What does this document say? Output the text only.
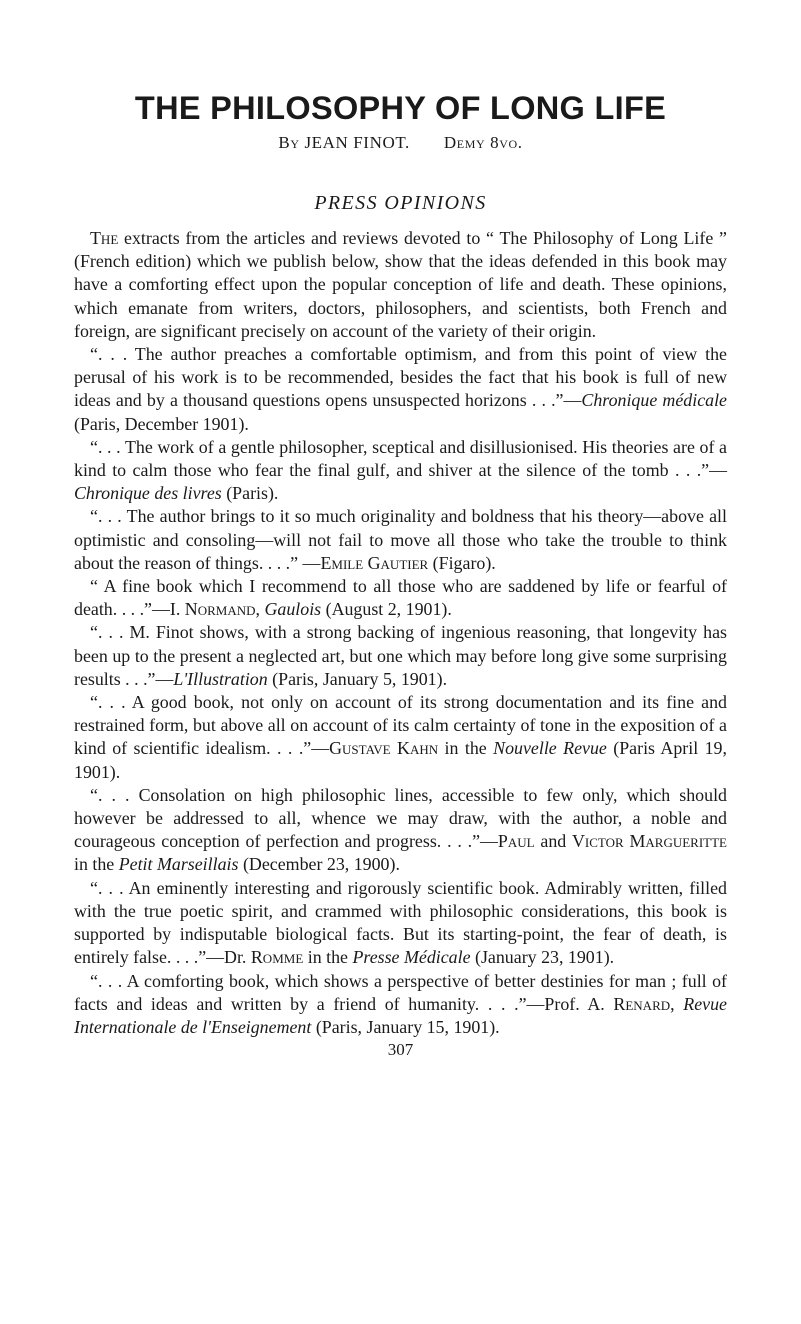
THE PHILOSOPHY OF LONG LIFE
By JEAN FINOT. Demy 8vo.
PRESS OPINIONS

The extracts from the articles and reviews devoted to “ The Philosophy of Long Life ” (French edition) which we publish below, show that the ideas defended in this book may have a comforting effect upon the popular conception of life and death. These opinions, which emanate from writers, doctors, philosophers, and scientists, both French and foreign, are significant precisely on account of the variety of their origin.

“. . . The author preaches a comfortable optimism, and from this point of view the perusal of his work is to be recommended, besides the fact that his book is full of new ideas and by a thousand questions opens unsuspected horizons . . .”—Chronique médicale (Paris, December 1901).

“. . . The work of a gentle philosopher, sceptical and disillusionised. His theories are of a kind to calm those who fear the final gulf, and shiver at the silence of the tomb . . .”—Chronique des livres (Paris).

“. . . The author brings to it so much originality and boldness that his theory—above all optimistic and consoling—will not fail to move all those who take the trouble to think about the reason of things. . . .” —Emile Gautier (Figaro).

“ A fine book which I recommend to all those who are saddened by life or fearful of death. . . .”—I. Normand, Gaulois (August 2, 1901).

“. . . M. Finot shows, with a strong backing of ingenious reasoning, that longevity has been up to the present a neglected art, but one which may before long give some surprising results . . .”—L'Illustration (Paris, January 5, 1901).

“. . . A good book, not only on account of its strong documentation and its fine and restrained form, but above all on account of its calm certainty of tone in the exposition of a kind of scientific idealism. . . .”—Gustave Kahn in the Nouvelle Revue (Paris April 19, 1901).

“. . . Consolation on high philosophic lines, accessible to few only, which should however be addressed to all, whence we may draw, with the author, a noble and courageous conception of perfection and progress. . . .”—Paul and Victor Margueritte in the Petit Marseillais (December 23, 1900).

“. . . An eminently interesting and rigorously scientific book. Admirably written, filled with the true poetic spirit, and crammed with philosophic considerations, this book is supported by indisputable biological facts. But its starting-point, the fear of death, is entirely false. . . .”—Dr. Romme in the Presse Médicale (January 23, 1901).

“. . . A comforting book, which shows a perspective of better destinies for man ; full of facts and ideas and written by a friend of humanity. . . .”—Prof. A. Renard, Revue Internationale de l'Enseignement (Paris, January 15, 1901).

307
